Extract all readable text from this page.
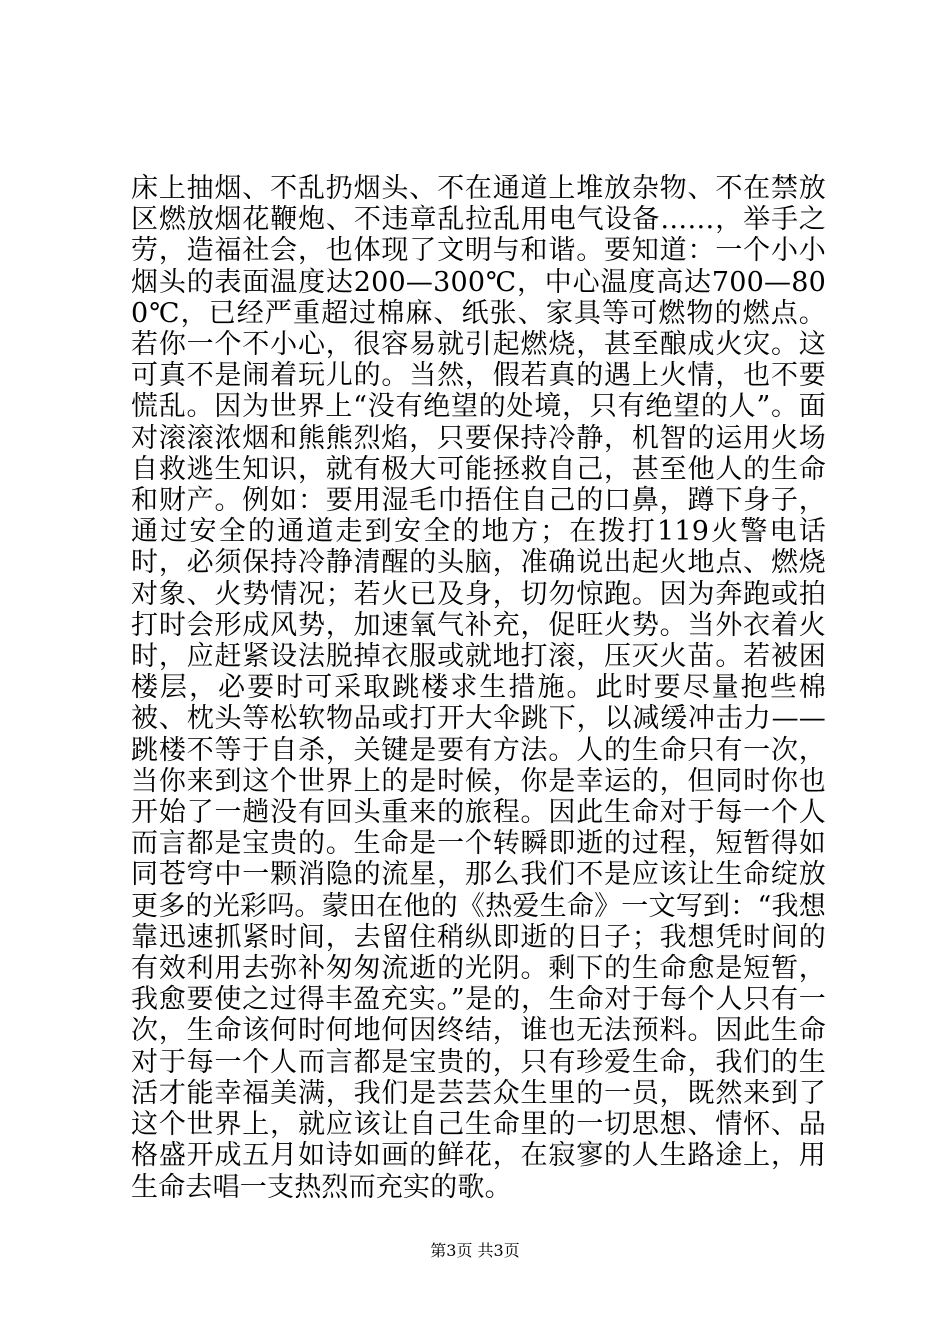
床上抽烟、不乱扔烟头、不在通道上堆放杂物、不在禁放区燃放烟花鞭炮、不违章乱拉乱用电气设备……，举手之劳，造福社会，也体现了文明与和谐。要知道：一个小小烟头的表面温度达200—300℃，中心温度高达700—800℃，已经严重超过棉麻、纸张、家具等可燃物的燃点。若你一个不小心，很容易就引起燃烧，甚至酿成火灾。这可真不是闹着玩儿的。当然，假若真的遇上火情，也不要慌乱。因为世界上“没有绝望的处境，只有绝望的人”。面对滚滚浓烟和熊熊烈焰，只要保持冷静，机智的运用火场自救逃生知识，就有极大可能拯救自己，甚至他人的生命和财产。例如：要用湿毛巾捂住自己的口鼻，蹲下身子，通过安全的通道走到安全的地方；在拨打119火警电话时，必须保持冷静清醒的头脑，准确说出起火地点、燃烧对象、火势情况；若火已及身，切勿惊跑。因为奔跑或拍打时会形成风势，加速氧气补充，促旺火势。当外衣着火时，应赶紧设法脱掉衣服或就地打滚，压灭火苗。若被困楼层，必要时可采取跳楼求生措施。此时要尽量抱些棉被、枕头等松软物品或打开大伞跳下，以减缓冲击力——跳楼不等于自杀，关键是要有方法。人的生命只有一次，当你来到这个世界上的是时候，你是幸运的，但同时你也开始了一趟没有回头重来的旅程。因此生命对于每一个人而言都是宝贵的。生命是一个转瞬即逝的过程，短暂得如同苍穹中一颗消隐的流星，那么我们不是应该让生命绽放更多的光彩吗。蒙田在他的《热爱生命》一文写到：“我想靠迅速抓紧时间，去留住稍纵即逝的日子；我想凭时间的有效利用去弥补匆匆流逝的光阴。剩下的生命愈是短暂，我愈要使之过得丰盈充实。”是的，生命对于每个人只有一次，生命该何时何地何因终结，谁也无法预料。因此生命对于每一个人而言都是宝贵的，只有珍爱生命，我们的生活才能幸福美满，我们是芸芸众生里的一员，既然来到了这个世界上，就应该让自己生命里的一切思想、情怀、品格盛开成五月如诗如画的鲜花，在寂寥的人生路途上，用生命去唱一支热烈而充实的歌。

第3页 共3页
